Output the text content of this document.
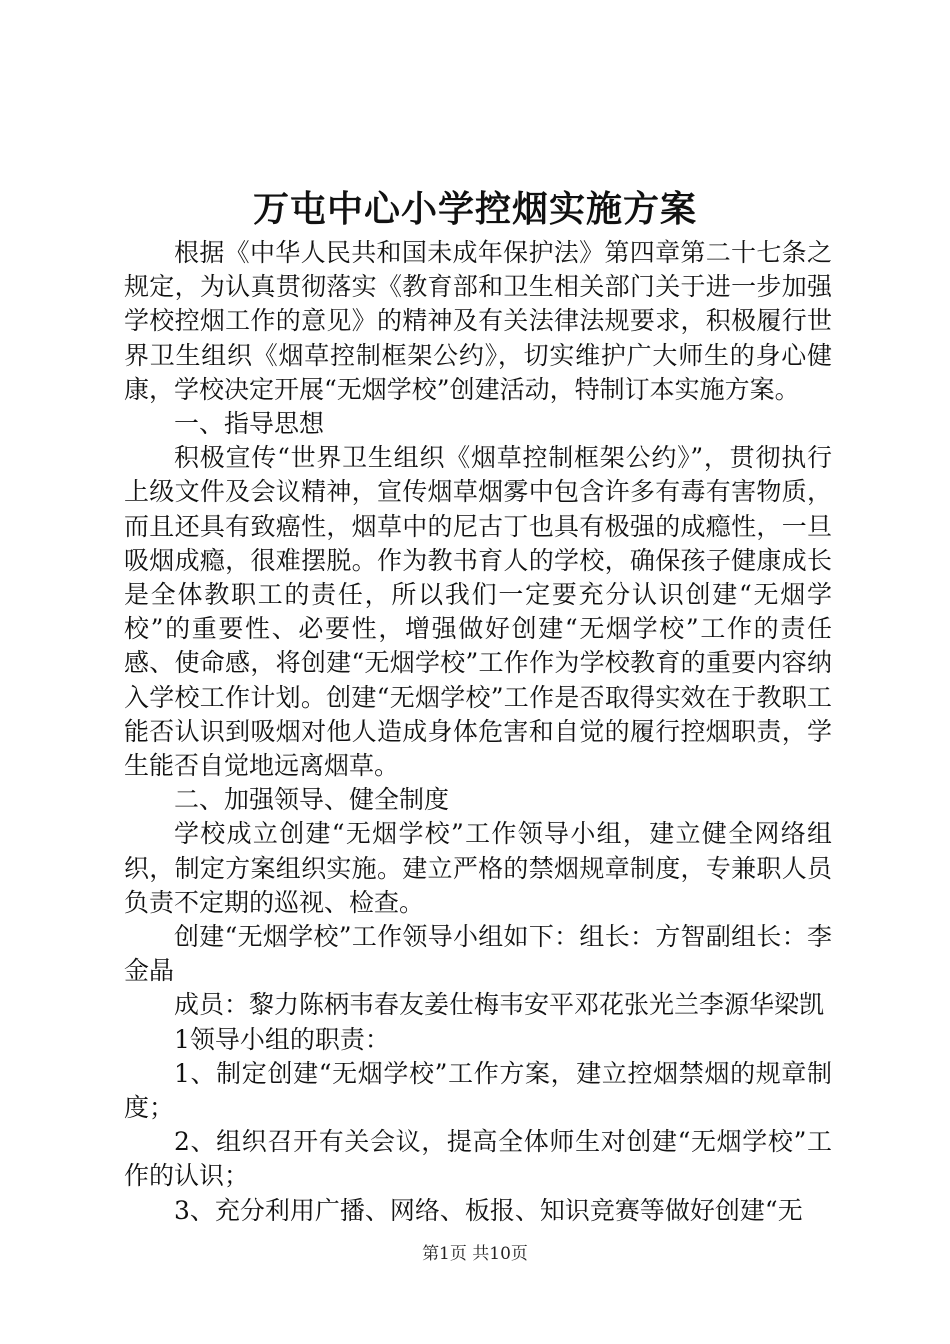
万屯中心小学控烟实施方案

根据《中华人民共和国未成年保护法》第四章第二十七条之规定，为认真贯彻落实《教育部和卫生相关部门关于进一步加强学校控烟工作的意见》的精神及有关法律法规要求，积极履行世界卫生组织《烟草控制框架公约》，切实维护广大师生的身心健康，学校决定开展“无烟学校”创建活动，特制订本实施方案。

一、指导思想

积极宣传“世界卫生组织《烟草控制框架公约》”，贯彻执行上级文件及会议精神，宣传烟草烟雾中包含许多有毒有害物质，而且还具有致癌性，烟草中的尼古丁也具有极强的成瘾性，一旦吸烟成瘾，很难摆脱。作为教书育人的学校，确保孩子健康成长是全体教职工的责任，所以我们一定要充分认识创建“无烟学校”的重要性、必要性，增强做好创建“无烟学校”工作的责任感、使命感，将创建“无烟学校”工作作为学校教育的重要内容纳入学校工作计划。创建“无烟学校”工作是否取得实效在于教职工能否认识到吸烟对他人造成身体危害和自觉的履行控烟职责，学生能否自觉地远离烟草。

二、加强领导、健全制度

学校成立创建“无烟学校”工作领导小组，建立健全网络组织，制定方案组织实施。建立严格的禁烟规章制度，专兼职人员负责不定期的巡视、检查。

创建“无烟学校”工作领导小组如下：组长：方智副组长：李金晶

成员：黎力陈柄韦春友姜仕梅韦安平邓花张光兰李源华梁凯

1领导小组的职责：

1、制定创建“无烟学校”工作方案，建立控烟禁烟的规章制度；

2、组织召开有关会议，提高全体师生对创建“无烟学校”工作的认识；

3、充分利用广播、网络、板报、知识竞赛等做好创建“无

第1页 共10页
